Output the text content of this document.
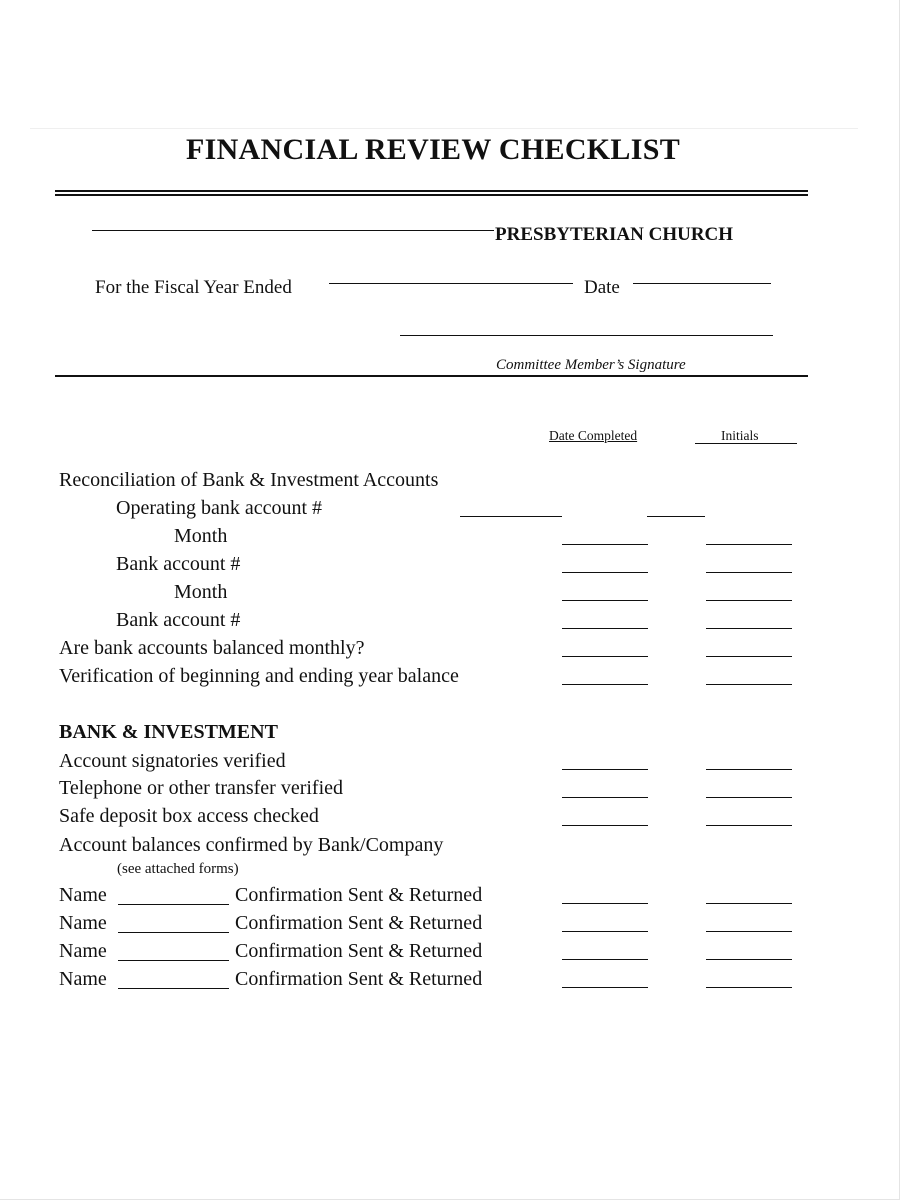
FINANCIAL REVIEW CHECKLIST
PRESBYTERIAN CHURCH
For the Fiscal Year Ended	Date
Committee Member’s Signature
Date Completed	Initials
Reconciliation of Bank & Investment Accounts
Operating bank account #
Month
Bank account #
Month
Bank account #
Are bank accounts balanced monthly?
Verification of beginning and ending year balance
BANK & INVESTMENT
Account signatories verified
Telephone or other transfer verified
Safe deposit box access checked
Account balances confirmed by Bank/Company
(see attached forms)
Name	Confirmation Sent & Returned
Name	Confirmation Sent & Returned
Name	Confirmation Sent & Returned
Name	Confirmation Sent & Returned
